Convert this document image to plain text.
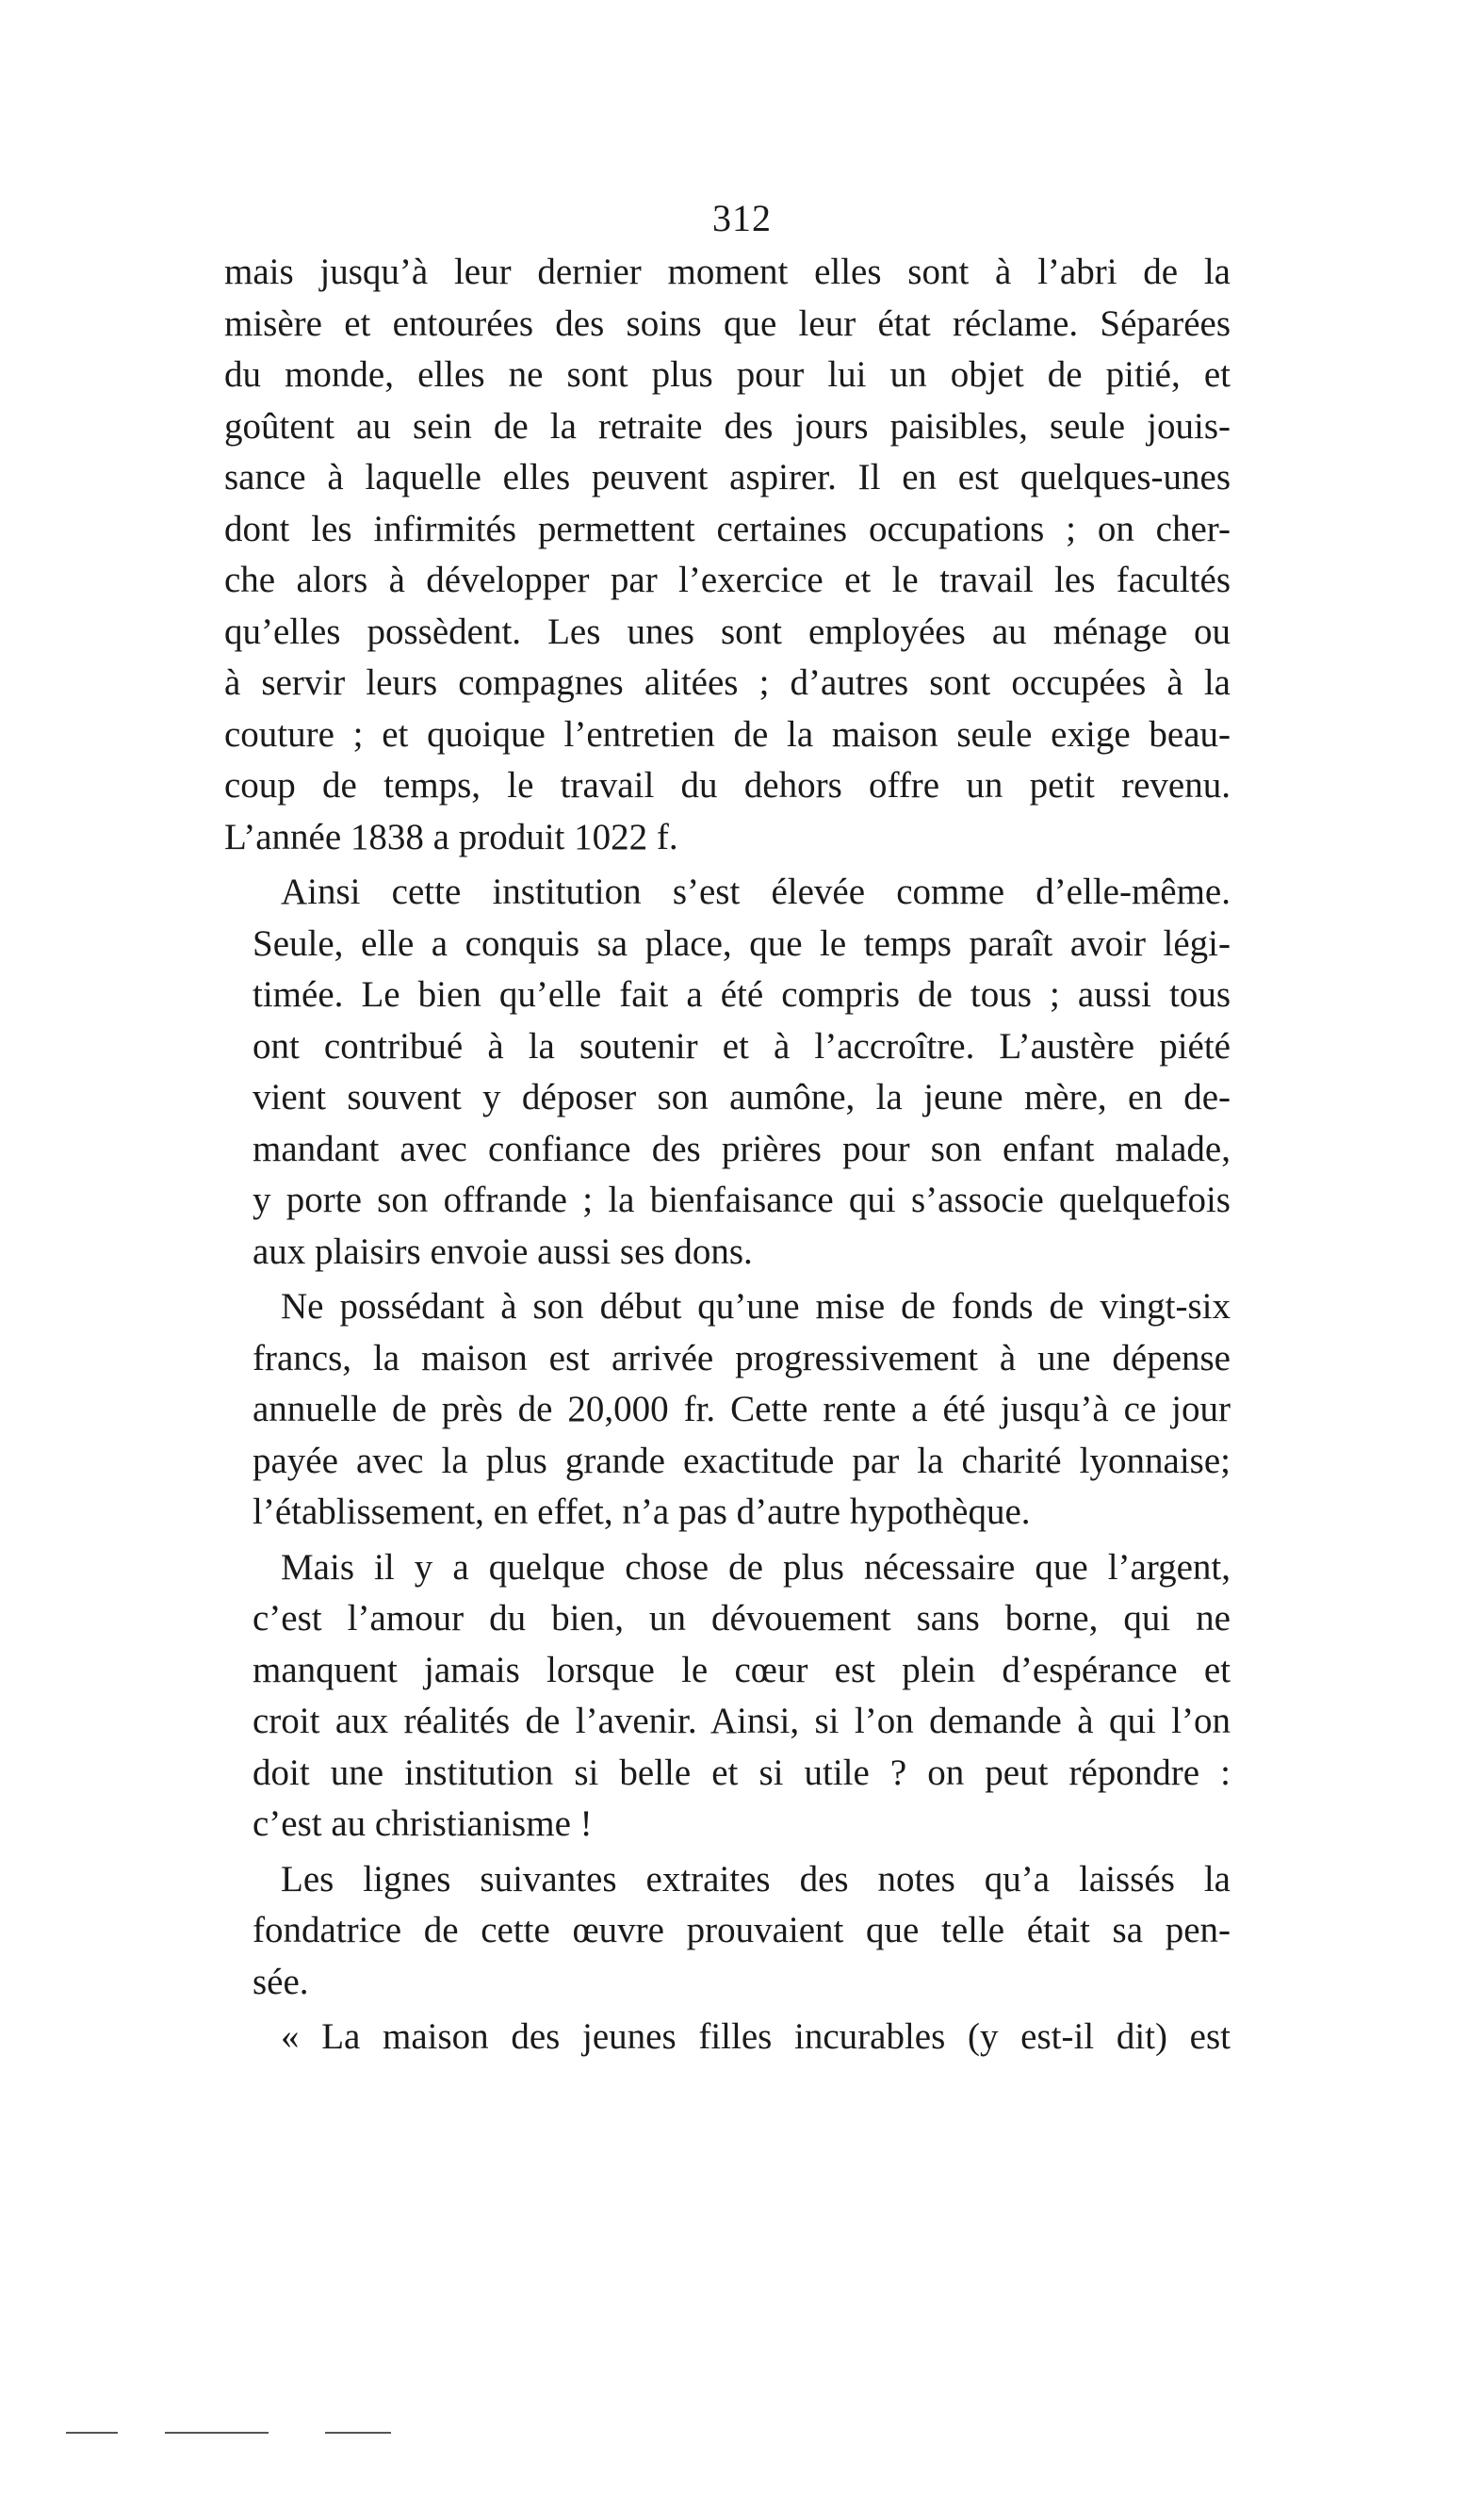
312

mais jusqu’à leur dernier moment elles sont à l’abri de la
misère et entourées des soins que leur état réclame. Séparées
du monde, elles ne sont plus pour lui un objet de pitié, et
goûtent au sein de la retraite des jours paisibles, seule jouis-
sance à laquelle elles peuvent aspirer. Il en est quelques-unes
dont les infirmités permettent certaines occupations ; on cher-
che alors à développer par l’exercice et le travail les facultés
qu’elles possèdent. Les unes sont employées au ménage ou
à servir leurs compagnes alitées ; d’autres sont occupées à la
couture ; et quoique l’entretien de la maison seule exige beau-
coup de temps, le travail du dehors offre un petit revenu.
L’année 1838 a produit 1022 f.

Ainsi cette institution s’est élevée comme d’elle-même.
Seule, elle a conquis sa place, que le temps paraît avoir légi-
timée. Le bien qu’elle fait a été compris de tous ; aussi tous
ont contribué à la soutenir et à l’accroître. L’austère piété
vient souvent y déposer son aumône, la jeune mère, en de-
mandant avec confiance des prières pour son enfant malade,
y porte son offrande ; la bienfaisance qui s’associe quelquefois
aux plaisirs envoie aussi ses dons.

Ne possédant à son début qu’une mise de fonds de vingt-six
francs, la maison est arrivée progressivement à une dépense
annuelle de près de 20,000 fr. Cette rente a été jusqu’à ce jour
payée avec la plus grande exactitude par la charité lyonnaise;
l’établissement, en effet, n’a pas d’autre hypothèque.

Mais il y a quelque chose de plus nécessaire que l’argent,
c’est l’amour du bien, un dévouement sans borne, qui ne
manquent jamais lorsque le cœur est plein d’espérance et
croit aux réalités de l’avenir. Ainsi, si l’on demande à qui l’on
doit une institution si belle et si utile ? on peut répondre :
c’est au christianisme !

Les lignes suivantes extraites des notes qu’a laissés la
fondatrice de cette œuvre prouvaient que telle était sa pen-
sée.

« La maison des jeunes filles incurables (y est-il dit) est
